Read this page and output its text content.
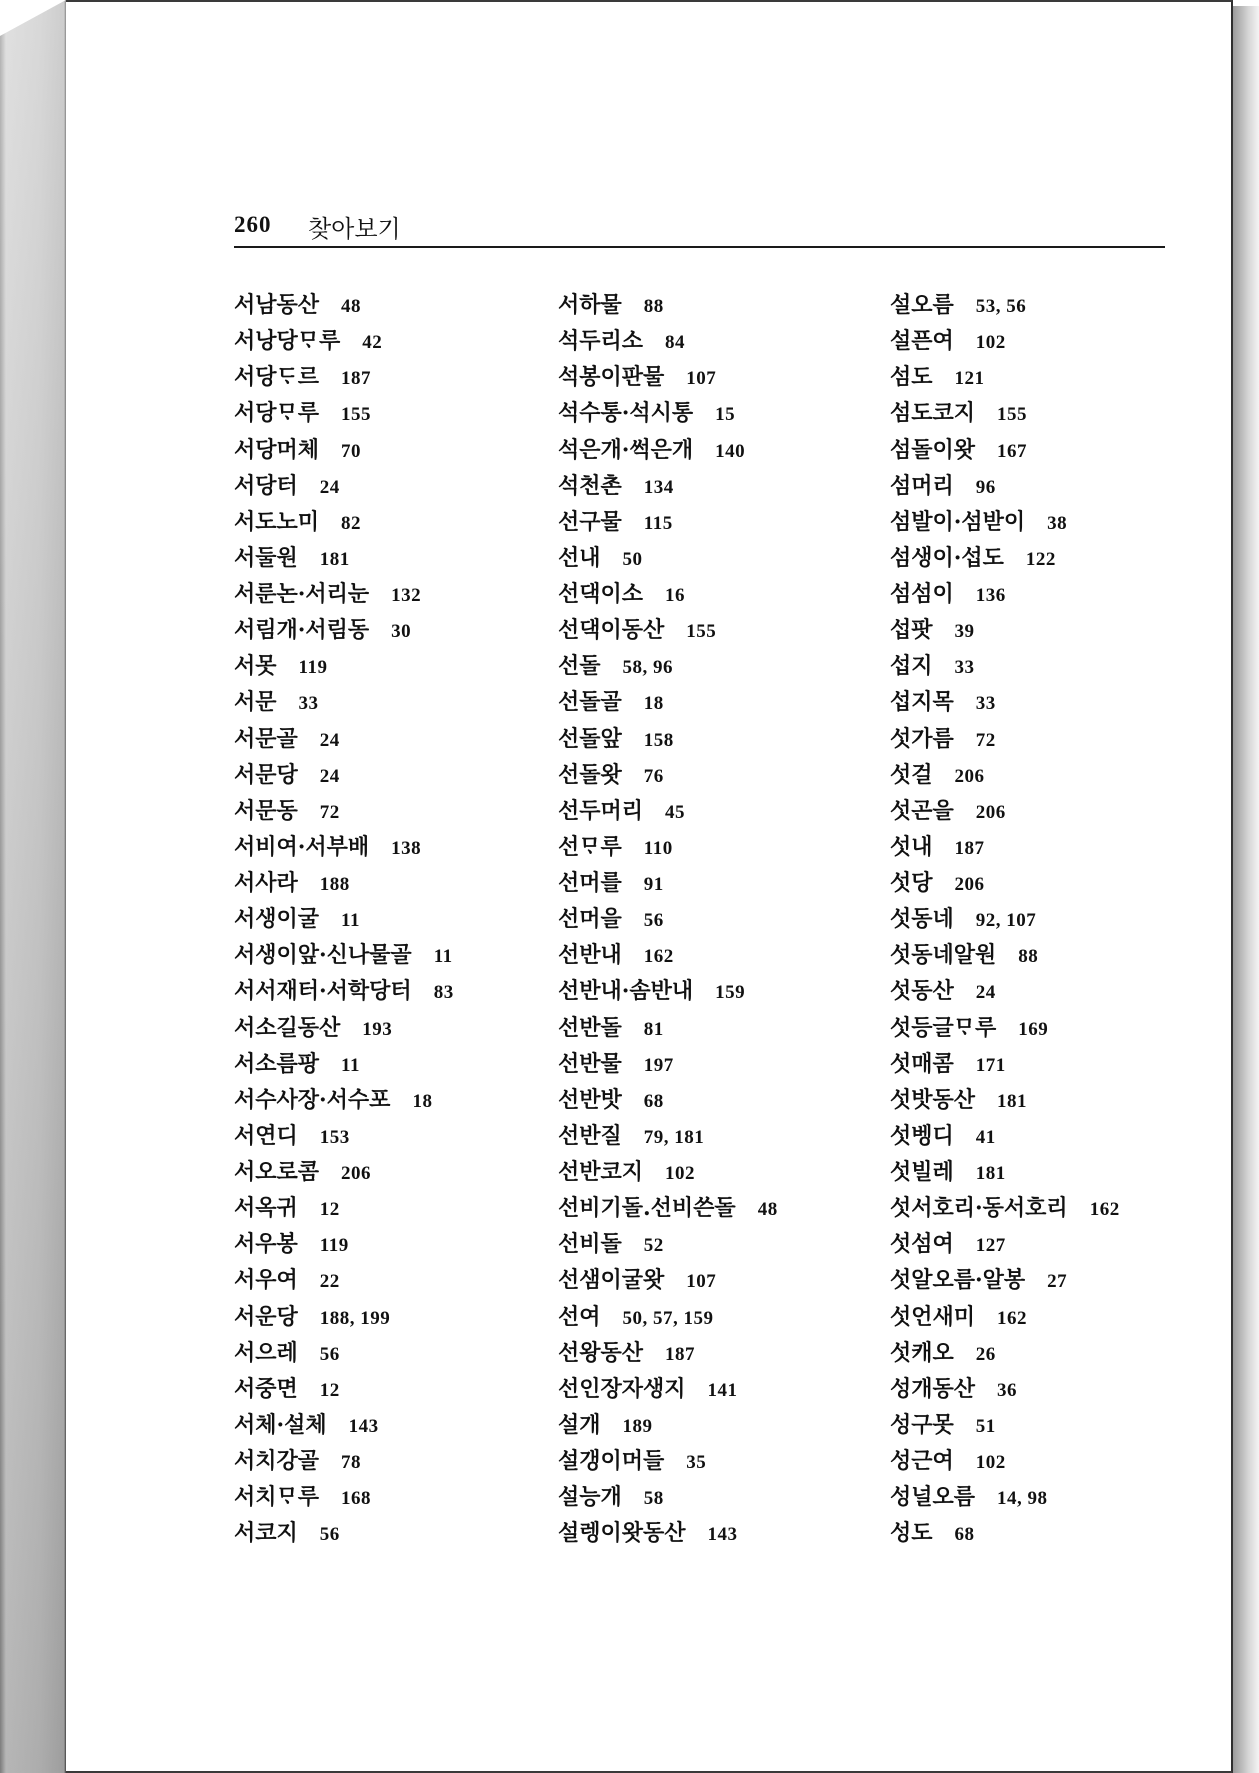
260 찾아보기
서남동산 48
서낭당ᄆᆞ루 42
서당ᄃᆞ르 187
서당ᄆᆞ루 155
서당머체 70
서당터 24
서도노미 82
서둘원 181
서룬논·서리눈 132
서림개·서림동 30
서못 119
서문 33
서문골 24
서문당 24
서문동 72
서비여·서부배 138
서사라 188
서생이굴 11
서생이앞·신나물골 11
서서재터·서학당터 83
서소길동산 193
서소름팡 11
서수사장·서수포 18
서연디 153
서오로콤 206
서옥귀 12
서우봉 119
서우여 22
서운당 188, 199
서으레 56
서중면 12
서체·설체 143
서치강골 78
서치ᄆᆞ루 168
서코지 56
서하물 88
석두리소 84
석봉이판물 107
석수통·석시통 15
석은개·썩은개 140
석천촌 134
선구물 115
선내 50
선댁이소 16
선댁이동산 155
선돌 58, 96
선돌골 18
선돌앞 158
선돌왓 76
선두머리 45
선ᄆᆞ루 110
선머를 91
선머을 56
선반내 162
선반내·솜반내 159
선반돌 81
선반물 197
선반밧 68
선반질 79, 181
선반코지 102
선비기돌.선비쓴돌 48
선비돌 52
선샘이굴왓 107
선여 50, 57, 159
선왕동산 187
선인장자생지 141
설개 189
설갱이머들 35
설능개 58
설렝이왓동산 143
설오름 53, 56
설픈여 102
섬도 121
섬도코지 155
섬돌이왓 167
섬머리 96
섬발이·섬받이 38
섬생이·섭도 122
섬섬이 136
섭팟 39
섭지 33
섭지목 33
섯가름 72
섯걸 206
섯곤을 206
섯내 187
섯당 206
섯동네 92, 107
섯동네알원 88
섯동산 24
섯등글ᄆᆞ루 169
섯매콤 171
섯밧동산 181
섯벵디 41
섯빌레 181
섯서호리·동서호리 162
섯섬여 127
섯알오름·알봉 27
섯언새미 162
섯캐오 26
성개동산 36
성구못 51
성근여 102
성널오름 14, 98
성도 68
